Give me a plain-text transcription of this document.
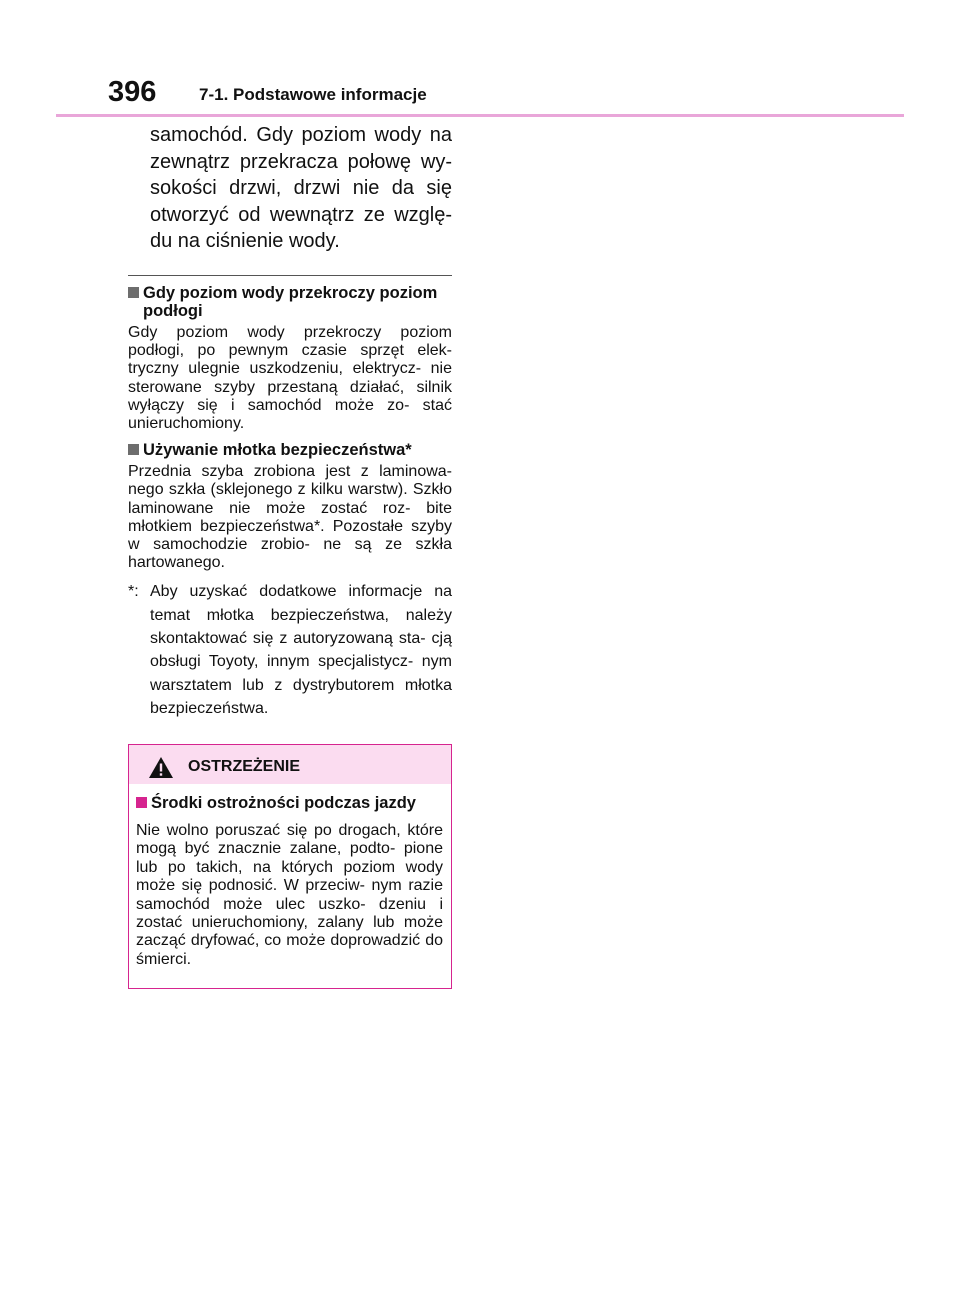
396	7-1. Podstawowe informacje

samochód. Gdy poziom wody na zewnątrz przekracza połowę wy- sokości drzwi, drzwi nie da się otworzyć od wewnątrz ze wzglę- du na ciśnienie wody.

Gdy poziom wody przekroczy poziom podłogi

Gdy poziom wody przekroczy poziom podłogi, po pewnym czasie sprzęt elek- tryczny ulegnie uszkodzeniu, elektrycz- nie sterowane szyby przestaną działać, silnik wyłączy się i samochód może zo- stać unieruchomiony.

Używanie młotka bezpieczeństwa*

Przednia szyba zrobiona jest z laminowa- nego szkła (sklejonego z kilku warstw). Szkło laminowane nie może zostać roz- bite młotkiem bezpieczeństwa*. Pozostałe szyby w samochodzie zrobio- ne są ze szkła hartowanego.

*: Aby uzyskać dodatkowe informacje na temat młotka bezpieczeństwa, należy skontaktować się z autoryzowaną sta- cją obsługi Toyoty, innym specjalistycz- nym warsztatem lub z dystrybutorem młotka bezpieczeństwa.
OSTRZEŻENIE
Środki ostrożności podczas jazdy

Nie wolno poruszać się po drogach, które mogą być znacznie zalane, podto- pione lub po takich, na których poziom wody może się podnosić. W przeciw- nym razie samochód może ulec uszko- dzeniu i zostać unieruchomiony, zalany lub może zacząć dryfować, co może doprowadzić do śmierci.
